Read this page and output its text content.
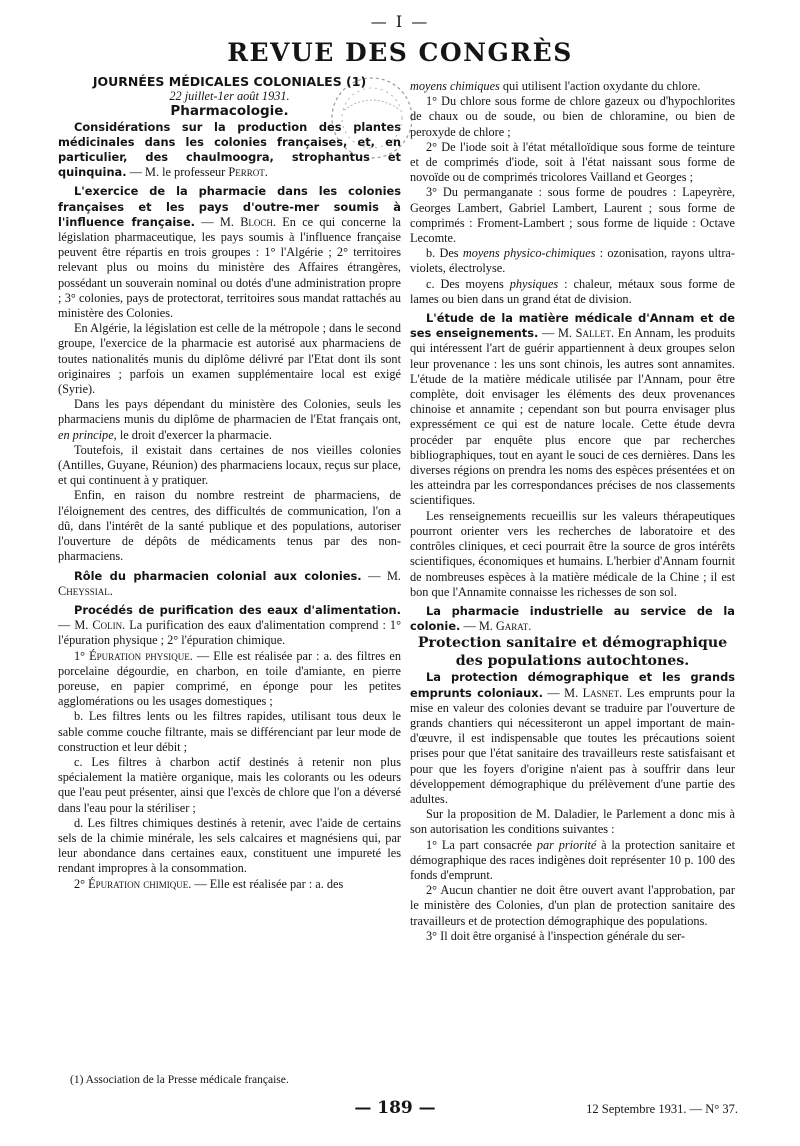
— I —
REVUE DES CONGRÈS

JOURNÉES MÉDICALES COLONIALES (1)

22 juillet-1er août 1931.

Pharmacologie.

Considérations sur la production des plantes médicinales dans les colonies françaises, et, en particulier, des chaulmoogra, strophantus et quinquina. — M. le professeur Perrot.

L'exercice de la pharmacie dans les colonies françaises et les pays d'outre-mer soumis à l'influence française. — M. Bloch. En ce qui concerne la législation pharmaceutique, les pays soumis à l'influence française peuvent être répartis en trois groupes : 1° l'Algérie ; 2° territoires relevant plus ou moins du ministère des Affaires étrangères, possédant un souverain nominal ou dotés d'une administration propre ; 3° colonies, pays de protectorat, territoires sous mandat rattachés au ministère des Colonies.

En Algérie, la législation est celle de la métropole ; dans le second groupe, l'exercice de la pharmacie est autorisé aux pharmaciens de toutes nationalités munis du diplôme délivré par l'Etat dont ils sont originaires ; parfois un examen supplémentaire local est exigé (Syrie).

Dans les pays dépendant du ministère des Colonies, seuls les pharmaciens munis du diplôme de pharmacien de l'Etat français ont, en principe, le droit d'exercer la pharmacie.

Toutefois, il existait dans certaines de nos vieilles colonies (Antilles, Guyane, Réunion) des pharmaciens locaux, reçus sur place, et qui continuent à y pratiquer.

Enfin, en raison du nombre restreint de pharmaciens, de l'éloignement des centres, des difficultés de communication, l'on a dû, dans l'intérêt de la santé publique et des populations, autoriser l'ouverture de dépôts de médicaments tenus par des non-pharmaciens.

Rôle du pharmacien colonial aux colonies. — M. Cheyssial.

Procédés de purification des eaux d'alimentation. — M. Colin. La purification des eaux d'alimentation comprend : 1° l'épuration physique ; 2° l'épuration chimique.

1° Épuration physique. — Elle est réalisée par : a. des filtres en porcelaine dégourdie, en charbon, en toile d'amiante, en pierre poreuse, en papier comprimé, en éponge pour les petites agglomérations ou les usages domestiques ;

b. Les filtres lents ou les filtres rapides, utilisant tous deux le sable comme couche filtrante, mais se différenciant par leur mode de construction et leur débit ;

c. Les filtres à charbon actif destinés à retenir non plus spécialement la matière organique, mais les colorants ou les odeurs que l'eau peut présenter, ainsi que l'excès de chlore que l'on a déversé dans l'eau pour la stériliser ;

d. Les filtres chimiques destinés à retenir, avec l'aide de certains sels de la chimie minérale, les sels calcaires et magnésiens qui, par leur abondance dans certaines eaux, constituent une impureté les rendant impropres à la consommation.

2° Épuration chimique. — Elle est réalisée par : a. des

moyens chimiques qui utilisent l'action oxydante du chlore.

1° Du chlore sous forme de chlore gazeux ou d'hypochlorites de chaux ou de soude, ou bien de chloramine, ou bien de peroxyde de chlore ;

2° De l'iode soit à l'état métalloïdique sous forme de teinture et de comprimés d'iode, soit à l'état naissant sous forme de novoïde ou de comprimés tricolores Vailland et Georges ;

3° Du permanganate : sous forme de poudres : Lapeyrère, Georges Lambert, Gabriel Lambert, Laurent ; sous forme de comprimés : Froment-Lambert ; sous forme de liquide : Octave Lecomte.

b. Des moyens physico-chimiques : ozonisation, rayons ultra-violets, électrolyse.

c. Des moyens physiques : chaleur, métaux sous forme de lames ou bien dans un grand état de division.

L'étude de la matière médicale d'Annam et de ses enseignements. — M. Sallet. En Annam, les produits qui intéressent l'art de guérir appartiennent à deux groupes selon leur provenance : les uns sont chinois, les autres sont annamites. L'étude de la matière médicale utilisée par l'Annam, pour être complète, doit envisager les éléments des deux provenances chinoise et annamite ; cependant son but pourra envisager plus expressément ce qui est de nature locale. Cette étude devra procéder par enquête plus encore que par recherches bibliographiques, tout en ayant le souci de ces dernières. Dans les diverses régions on prendra les noms des espèces présentées et on les atteindra par les correspondances précises de nos classements scientifiques.

Les renseignements recueillis sur les valeurs thérapeutiques pourront orienter vers les recherches de laboratoire et des contrôles cliniques, et ceci pourrait être la source de gros intérêts scientifiques, économiques et humains. L'herbier d'Annam fournit de nombreuses espèces à la matière médicale de la Chine ; il est bon que l'Annamite connaisse les richesses de son sol.

La pharmacie industrielle au service de la colonie. — M. Garat.

Protection sanitaire et démographique des populations autochtones.

La protection démographique et les grands emprunts coloniaux. — M. Lasnet. Les emprunts pour la mise en valeur des colonies devant se traduire par l'ouverture de grands chantiers qui nécessiteront un appel important de main-d'œuvre, il est indispensable que toutes les précautions soient prises pour que l'état sanitaire des travailleurs reste satisfaisant et pour que les foyers d'origine n'aient pas à souffrir dans leur développement démographique du prélèvement d'une partie des adultes.

Sur la proposition de M. Daladier, le Parlement a donc mis à son autorisation les conditions suivantes :

1° La part consacrée par priorité à la protection sanitaire et démographique des races indigènes doit représenter 10 p. 100 des fonds d'emprunt.

2° Aucun chantier ne doit être ouvert avant l'approbation, par le ministère des Colonies, d'un plan de protection sanitaire des travailleurs et de protection démographique des populations.

3° Il doit être organisé à l'inspection générale du ser-

(1) Association de la Presse médicale française.
— 189 —	12 Septembre 1931. — N° 37.
